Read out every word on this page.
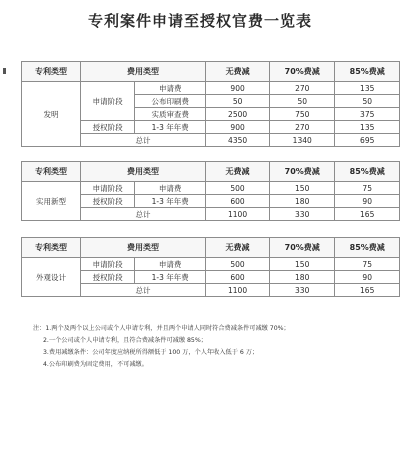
专利案件申请至授权官费一览表
专利类型	费用类型		无费减	70%费减	85%费减
发明	申请阶段	申请费	900	270	135
		公布印刷费	50	50	50
		实质审查费	2500	750	375
	授权阶段	1-3 年年费	900	270	135
	总计		4350	1340	695
专利类型	费用类型		无费减	70%费减	85%费减
实用新型	申请阶段	申请费	500	150	75
	授权阶段	1-3 年年费	600	180	90
	总计		1100	330	165
专利类型	费用类型		无费减	70%费减	85%费减
外观设计	申请阶段	申请费	500	150	75
	授权阶段	1-3 年年费	600	180	90
	总计		1100	330	165
注：1.两个及两个以上公司或个人申请专利，并且两个申请人同时符合费减条件可减缴 70%；
2.一个公司或个人申请专利，且符合费减条件可减缴 85%；
3.费用减缴条件：公司年度应纳税所得额低于 100 万，个人年收入低于 6 万；
4.公布印刷费为固定费用，不可减缴。
